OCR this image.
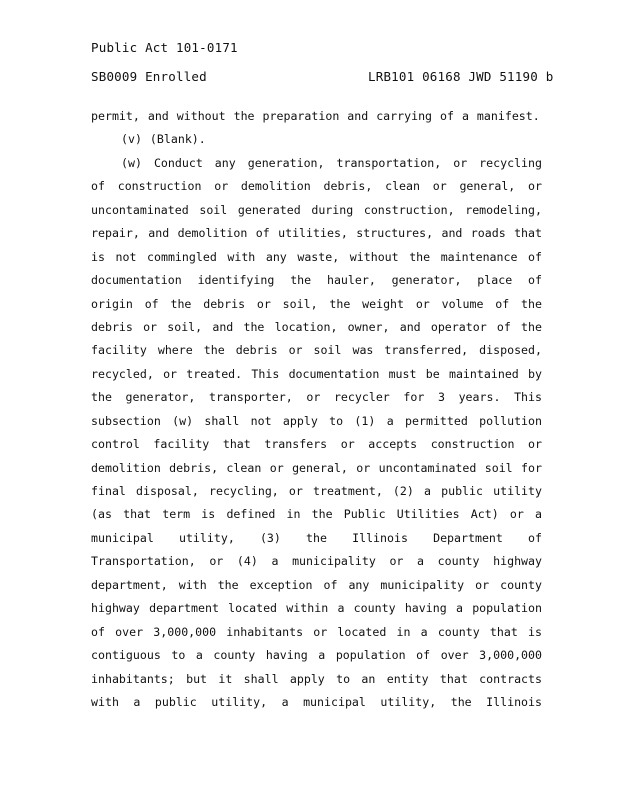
Public Act 101-0171
SB0009 Enrolled	LRB101 06168 JWD 51190 b
permit, and without the preparation and carrying of a manifest.
(v) (Blank).
(w) Conduct any generation, transportation, or recycling
of construction or demolition debris, clean or general, or
uncontaminated soil generated during construction, remodeling,
repair, and demolition of utilities, structures, and roads that
is not commingled with any waste, without the maintenance of
documentation identifying the hauler, generator, place of
origin of the debris or soil, the weight or volume of the
debris or soil, and the location, owner, and operator of the
facility where the debris or soil was transferred, disposed,
recycled, or treated. This documentation must be maintained by
the generator, transporter, or recycler for 3 years. This
subsection (w) shall not apply to (1) a permitted pollution
control facility that transfers or accepts construction or
demolition debris, clean or general, or uncontaminated soil for
final disposal, recycling, or treatment, (2) a public utility
(as that term is defined in the Public Utilities Act) or a
municipal utility, (3) the Illinois Department of
Transportation, or (4) a municipality or a county highway
department, with the exception of any municipality or county
highway department located within a county having a population
of over 3,000,000 inhabitants or located in a county that is
contiguous to a county having a population of over 3,000,000
inhabitants; but it shall apply to an entity that contracts
with a public utility, a municipal utility, the Illinois
